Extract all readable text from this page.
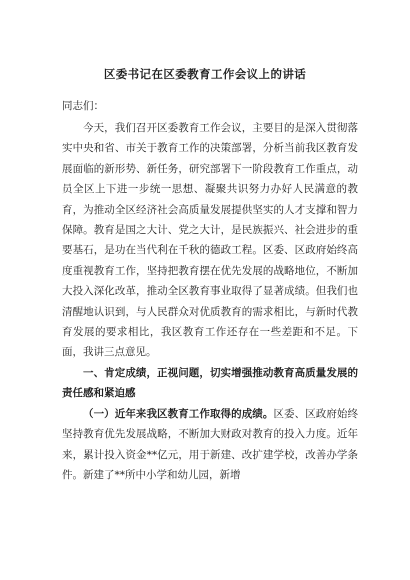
区委书记在区委教育工作会议上的讲话
同志们：

今天，我们召开区委教育工作会议，主要目的是深入贯彻落实中央和省、市关于教育工作的决策部署，分析当前我区教育发展面临的新形势、新任务，研究部署下一阶段教育工作重点，动员全区上下进一步统一思想、凝聚共识努力办好人民满意的教育，为推动全区经济社会高质量发展提供坚实的人才支撑和智力保障。教育是国之大计、党之大计，是民族振兴、社会进步的重要基石，是功在当代利在千秋的德政工程。区委、区政府始终高度重视教育工作，坚持把教育摆在优先发展的战略地位，不断加大投入深化改革，推动全区教育事业取得了显著成绩。但我们也清醒地认识到，与人民群众对优质教育的需求相比，与新时代教育发展的要求相比，我区教育工作还存在一些差距和不足。下面，我讲三点意见。

一、肯定成绩，正视问题，切实增强推动教育高质量发展的责任感和紧迫感

（一）近年来我区教育工作取得的成绩。区委、区政府始终坚持教育优先发展战略，不断加大财政对教育的投入力度。近年来，累计投入资金**亿元，用于新建、改扩建学校，改善办学条件。新建了**所中小学和幼儿园，新增
